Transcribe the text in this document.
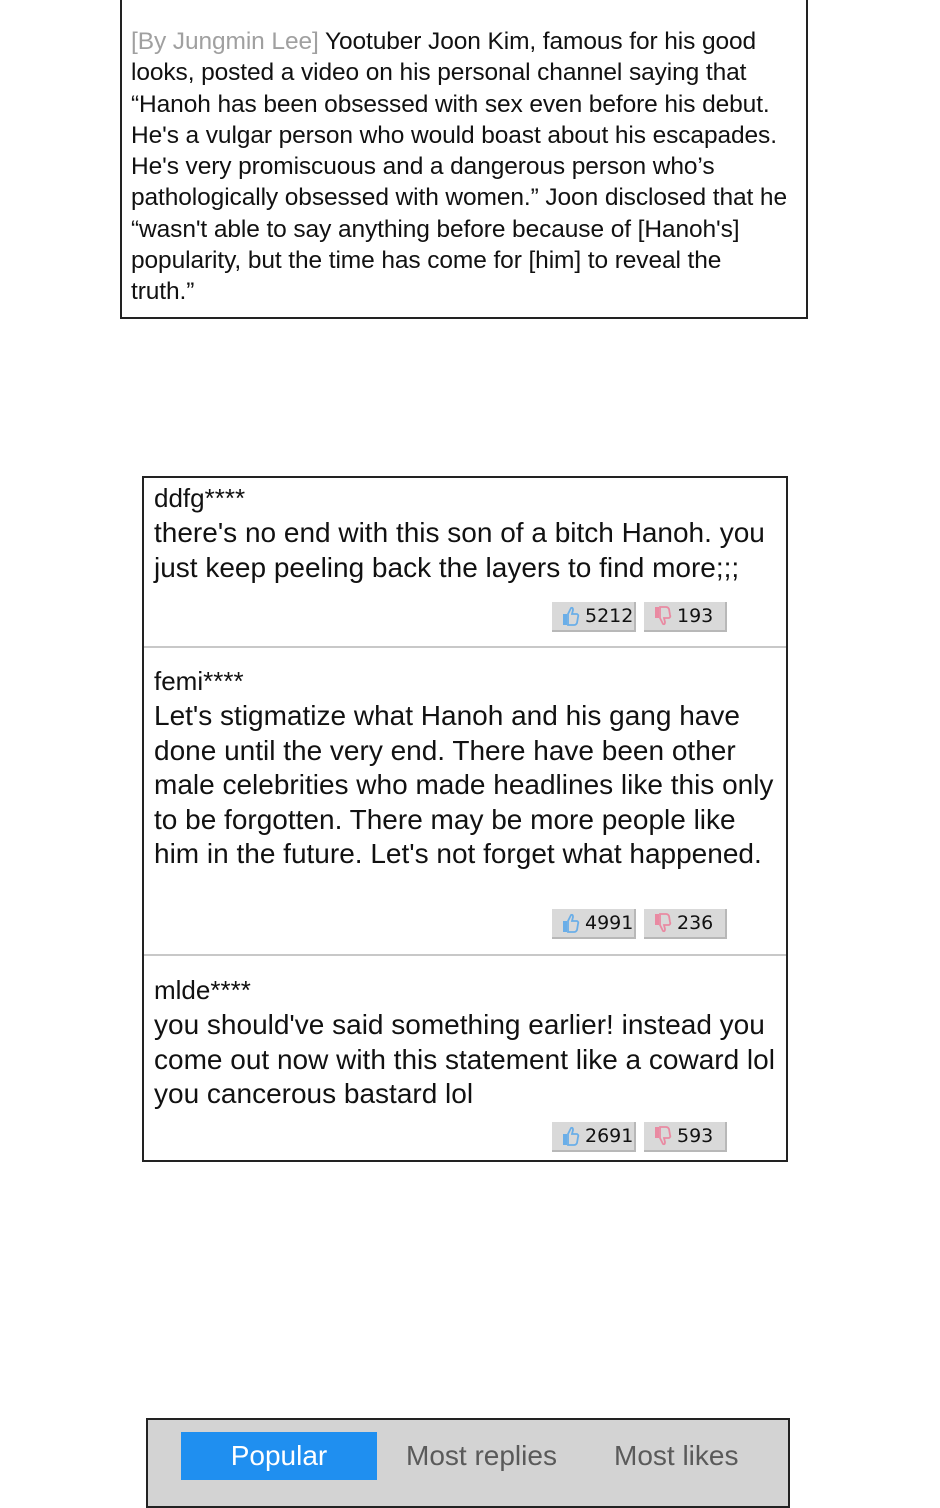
[By Jungmin Lee] Yootuber Joon Kim, famous for his good looks, posted a video on his personal channel saying that “Hanoh has been obsessed with sex even before his debut. He's a vulgar person who would boast about his escapades. He's very promiscuous and a dangerous person who’s pathologically obsessed with women.” Joon disclosed that he “wasn't able to say anything before because of [Hanoh's] popularity, but the time has come for [him] to reveal the truth.”
ddfg****
there's no end with this son of a bitch Hanoh. you just keep peeling back the layers to find more;;;
5212 193
femi****
Let's stigmatize what Hanoh and his gang have done until the very end. There have been other male celebrities who made headlines like this only to be forgotten. There may be more people like him in the future. Let's not forget what happened.
4991 236
mlde****
you should've said something earlier! instead you come out now with this statement like a coward lol you cancerous bastard lol
2691 593
Popular	Most replies Most likes
